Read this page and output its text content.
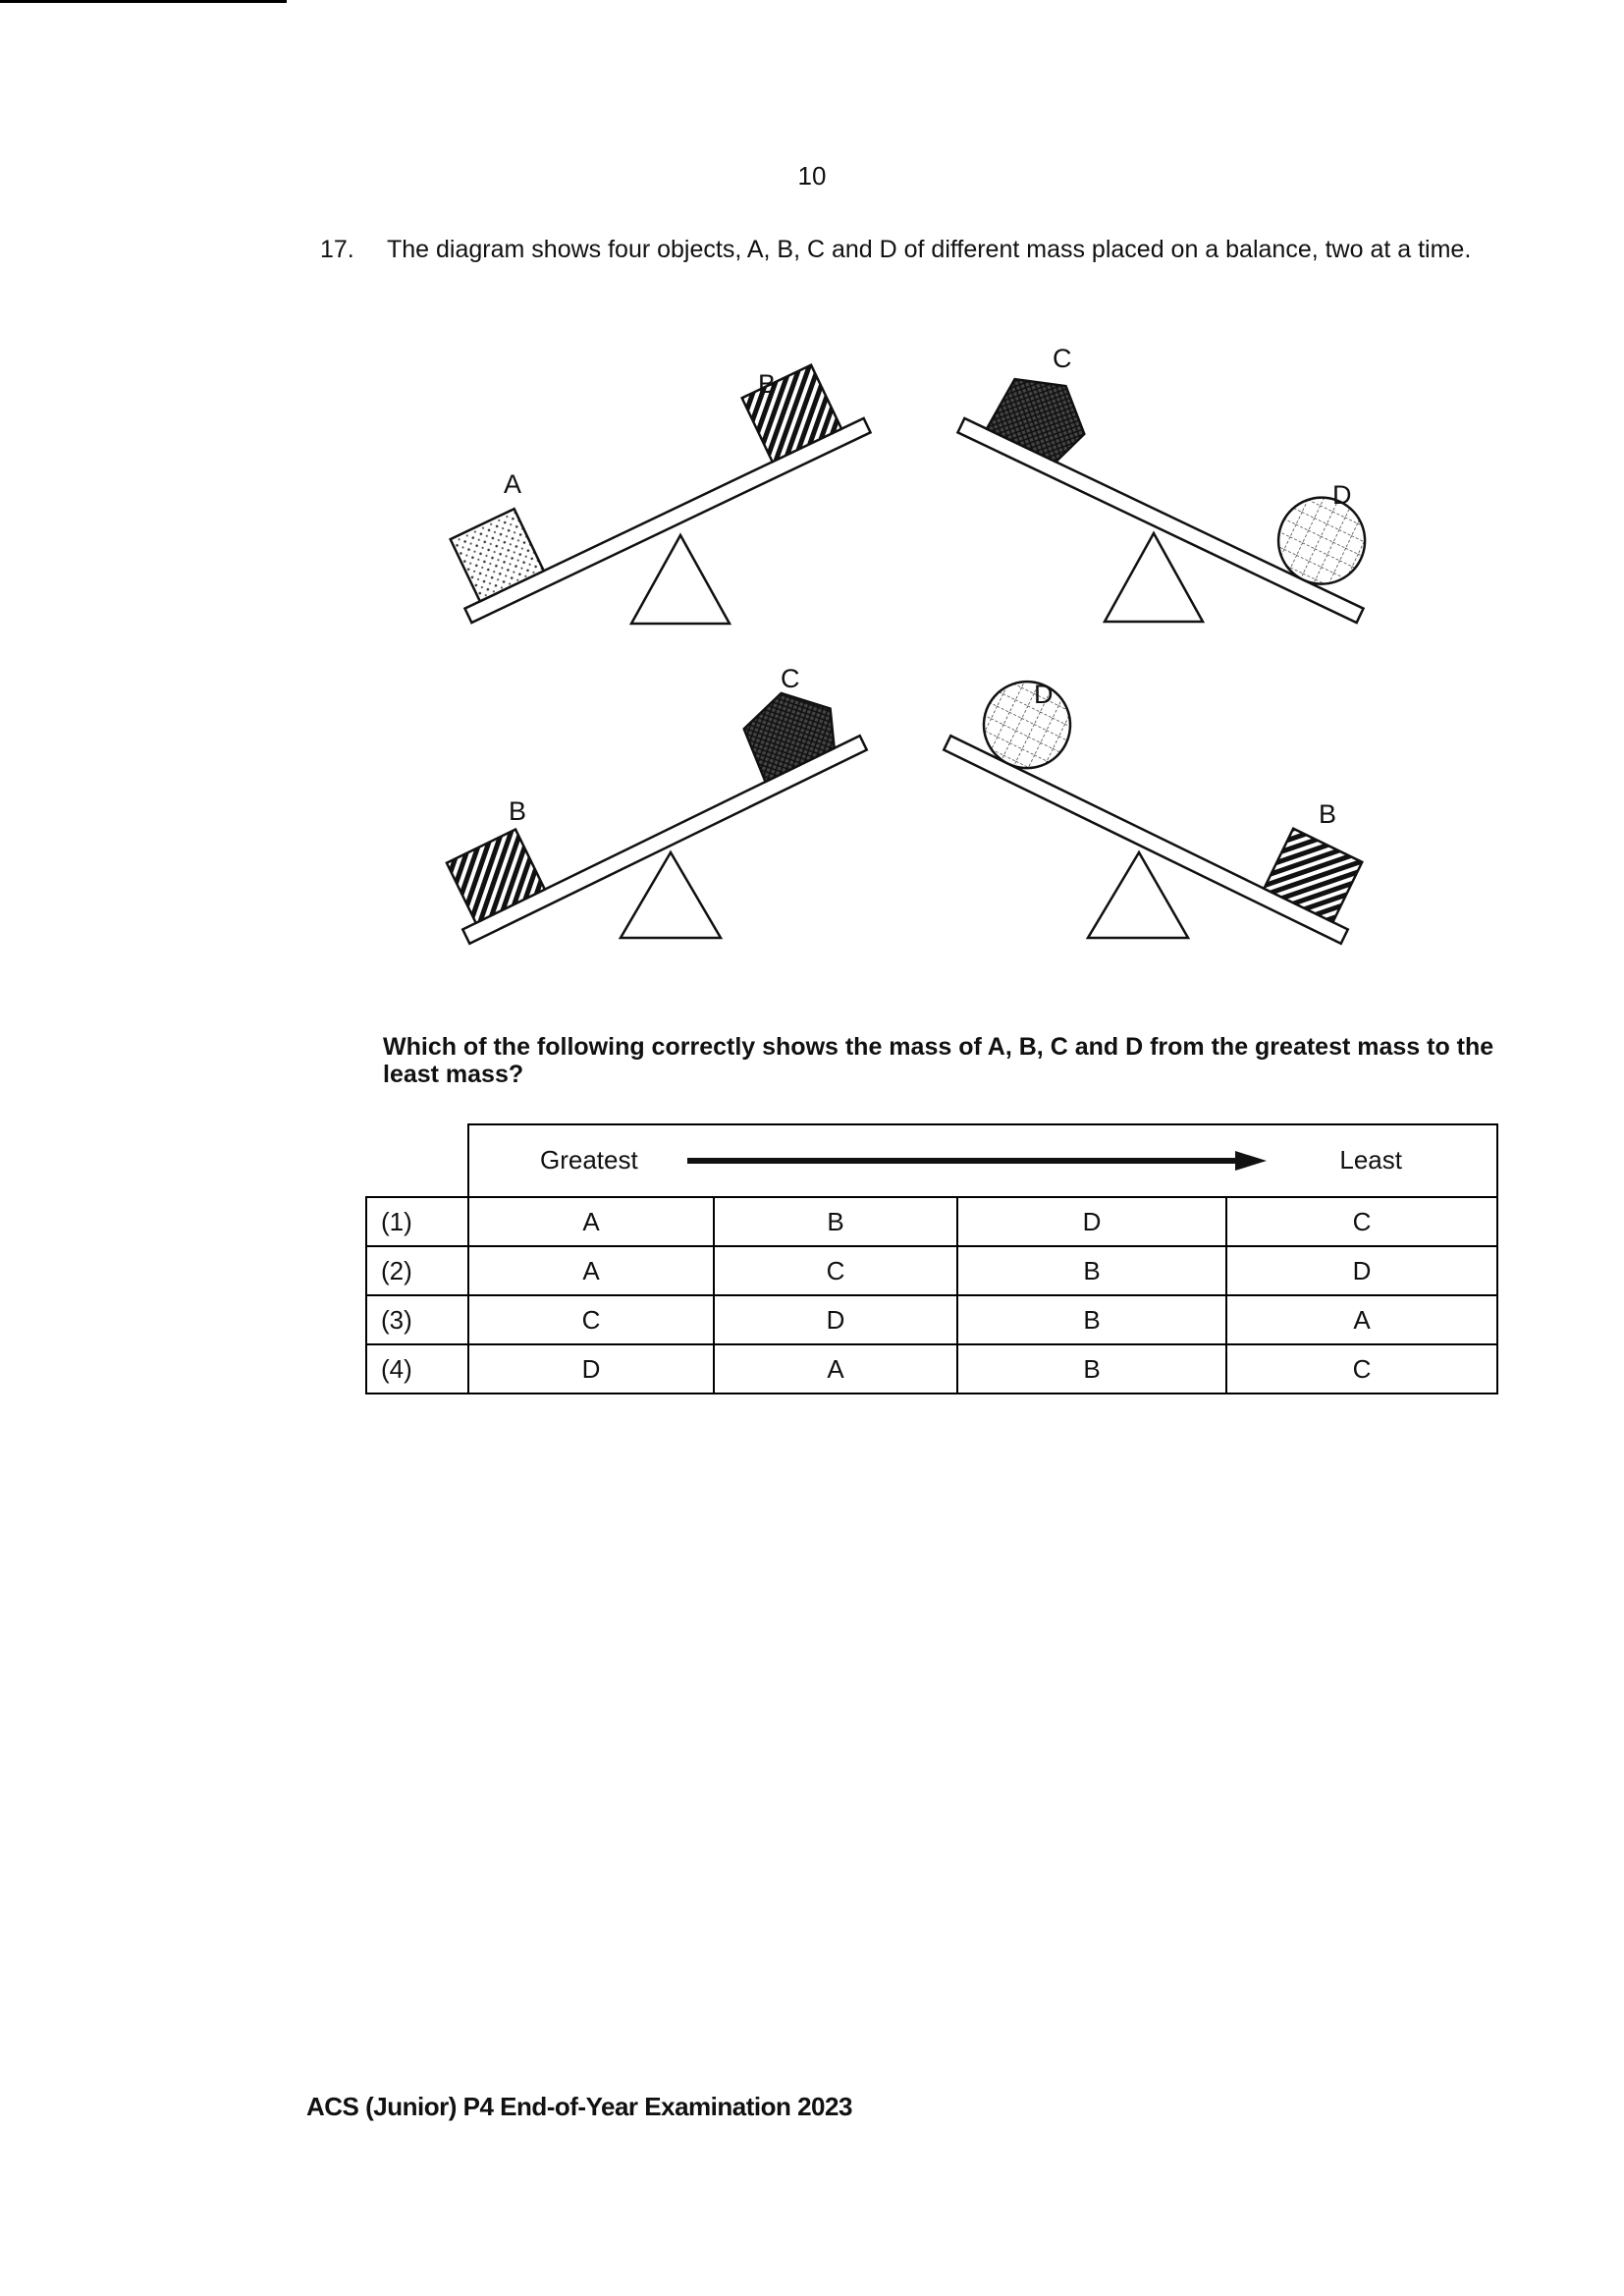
10
17. The diagram shows four objects, A, B, C and D of different mass placed on a balance, two at a time.
A
B
C
D
B
C
D
B
Which of the following correctly shows the mass of A, B, C and D from the greatest mass to the least mass?

	Greatest Least			

(1)	A	B	D	C
(2)	A	C	B	D
(3)	C	D	B	A
(4)	D	A	B	C
ACS (Junior) P4 End-of-Year Examination 2023
